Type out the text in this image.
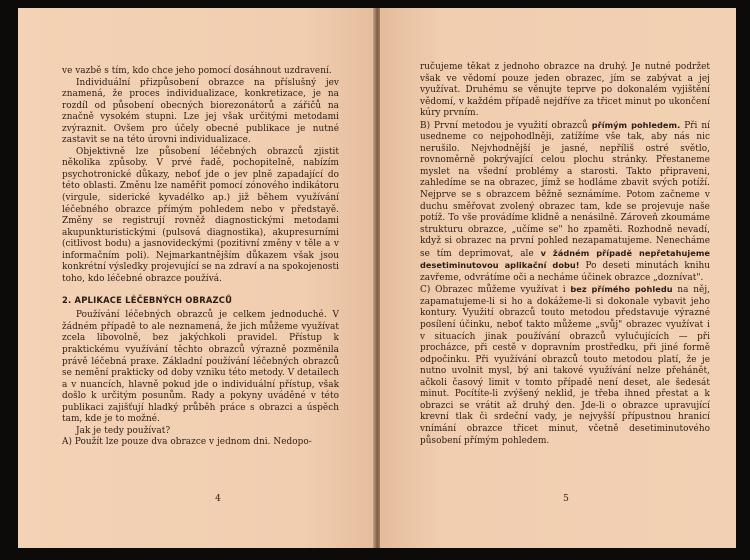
ve vazbě s tím, kdo chce jeho pomocí dosáhnout uzdravení.

Individuální přizpůsobení obrazce na příslušný jev znamená, že proces individualizace, konkretizace, je na rozdíl od působení obecných biorezonátorů a zářičů na značně vysokém stupni. Lze jej však určitými metodami zvýraznit. Ovšem pro účely obecné publikace je nutné zastavit se na této úrovni individualizace.

Objektivně lze působení léčebných obrazců zjistit několika způsoby. V prvé řadě, pochopitelně, nabízím psychotronické důkazy, neboť jde o jev plně zapadající do této oblasti. Změnu lze naměřit pomocí zónového indikátoru (virgule, siderické kyvadélko ap.) již během využívání léčebného obrazce přímým pohledem nebo v předstayě. Změny se registrují rovněž diagnostickými metodami akupunkturistickými (pulsová diagnostika), akupresurními (citlivost bodu) a jasnovideckými (pozitivní změny v těle a v informačním poli). Nejmarkantnějším důkazem však jsou konkrétní výsledky projevující se na zdraví a na spokojenosti toho, kdo léčebné obrazce používá.

2. APLIKACE LÉČEBNÝCH OBRAZCŮ

Používání léčebných obrazců je celkem jednoduché. V žádném případě to ale neznamená, že jich můžeme využívat zcela libovolně, bez jakýchkoli pravidel. Přístup k praktickému využívání těchto obrazců výrazně pozměnila právě léčebná praxe. Základní používání léčebných obrazců se nemění prakticky od doby vzniku této metody. V detailech a v nuancích, hlavně pokud jde o individuální přístup, však došlo k určitým posunům. Rady a pokyny uváděné v této publikaci zajišťují hladký průběh práce s obrazci a úspěch tam, kde je to možné.

Jak je tedy používat?

A) Použít lze pouze dva obrazce v jednom dni. Nedopo-

4

ručujeme těkat z jednoho obrazce na druhý. Je nutné podržet však ve vědomí pouze jeden obrazec, jím se zabývat a jej využívat. Druhému se věnujte teprve po dokonalém vyjištění vědomí, v každém případě nejdříve za třicet minut po ukončení kúry prvním.

B) První metodou je využití obrazců přímým pohledem. Při ní usedneme co nejpohodlněji, zatížíme vše tak, aby nás nic nerušilo. Nejvhodnější je jasné, nepříliš ostré světlo, rovnoměrně pokrývající celou plochu stránky. Přestaneme myslet na všední problémy a starosti. Takto připraveni, zahledíme se na obrazec, jímž se hodláme zbavit svých potíží. Nejprve se s obrazcem běžně seznámíme. Potom začneme v duchu směřovat zvolený obrazec tam, kde se projevuje naše potíž. To vše provádíme klidně a nenásilně. Zároveň zkoumáme strukturu obrazce, „učíme se" ho zpaměti. Rozhodně nevadí, když si obrazec na první pohled nezapamatujeme. Nenecháme se tím deprimovat, ale v žádném případě nepřetahujeme desetiminutovou aplikační dobu! Po deseti minutách knihu zavřeme, odvrátíme oči a necháme účinek obrazce „doznívat".

C) Obrazec můžeme využívat i bez přímého pohledu na něj, zapamatujeme-li si ho a dokážeme-li si dokonale vybavit jeho kontury. Využití obrazců touto metodou představuje výrazné posílení účinku, neboť takto můžeme „svůj" obrazec využívat i v situacích jinak používání obrazců vylučujících — při procházce, při cestě v dopravním prostředku, při jiné formě odpočinku. Při využívání obrazců touto metodou platí, že je nutno uvolnit mysl, bý ani takové využívání nelze přehánět, ačkoli časový limit v tomto případě není deset, ale šedesát minut. Pocítíte-li zvýšený neklid, je třeba ihned přestat a k obrazci se vrátit až druhý den. Jde-li o obrazce upravující krevní tlak či srdeční vady, je nejvyšší přípustnou hranicí vnímání obrazce třicet minut, včetně desetiminutového působení přímým pohledem.

5
